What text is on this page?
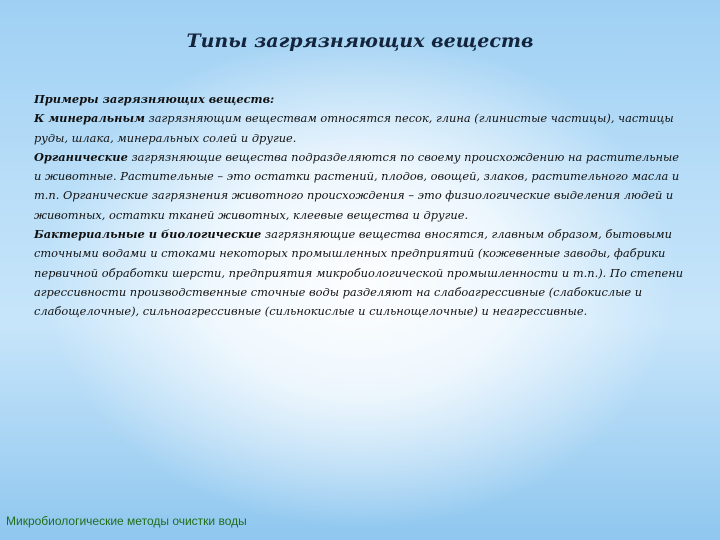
Типы загрязняющих веществ

Примеры загрязняющих веществ:

К минеральным загрязняющим веществам относятся песок, глина (глинистые частицы), частицы руды, шлака, минеральных солей и другие.

Органические загрязняющие вещества подразделяются по своему происхождению на растительные и животные. Растительные – это остатки растений, плодов, овощей, злаков, растительного масла и т.п. Органические загрязнения животного происхождения – это физиологические выделения людей и животных, остатки тканей животных, клеевые вещества и другие.

Бактериальные и биологические загрязняющие вещества вносятся, главным образом, бытовыми сточными водами и стоками некоторых промышленных предприятий (кожевенные заводы, фабрики первичной обработки шерсти, предприятия микробиологической промышленности и т.п.). По степени агрессивности производственные сточные воды разделяют на слабоагрессивные (слабокислые и слабощелочные), сильноагрессивные (сильнокислые и сильнощелочные) и неагрессивные.

Микробиологические методы очистки воды
